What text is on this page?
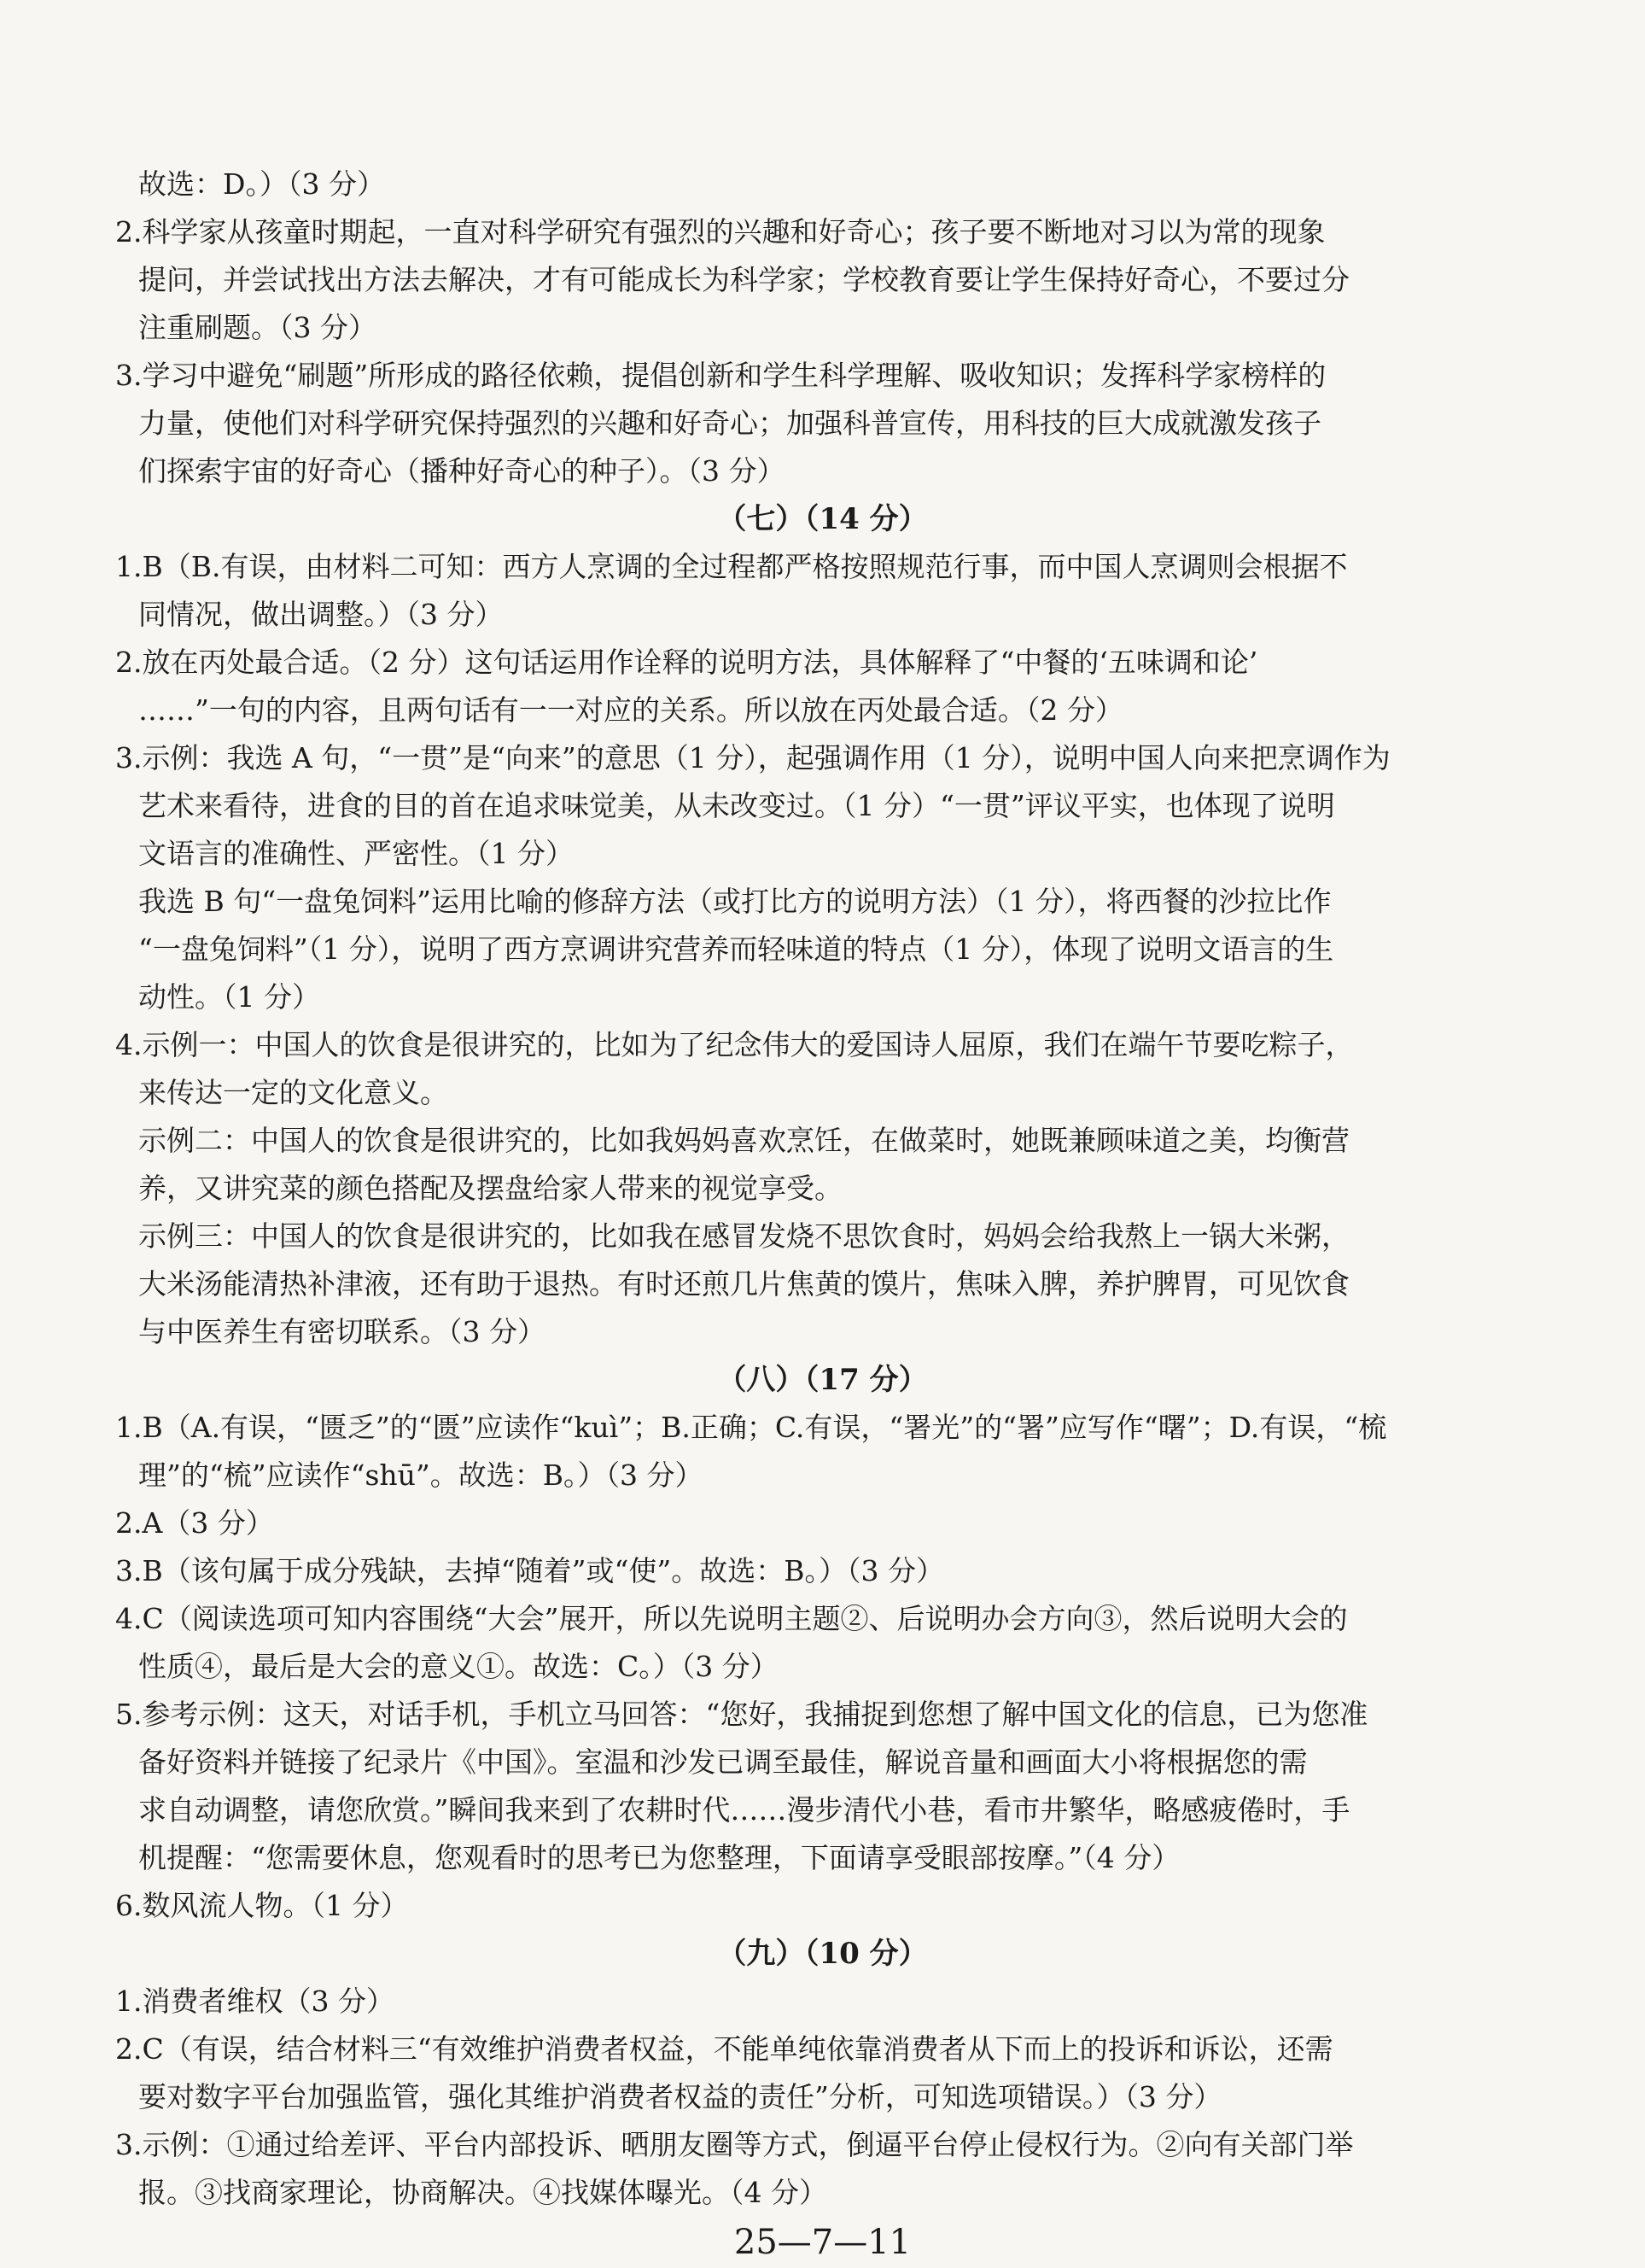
故选：D。）（3 分）
2.科学家从孩童时期起，一直对科学研究有强烈的兴趣和好奇心；孩子要不断地对习以为常的现象
提问，并尝试找出方法去解决，才有可能成长为科学家；学校教育要让学生保持好奇心，不要过分
注重刷题。（3 分）
3.学习中避免“刷题”所形成的路径依赖，提倡创新和学生科学理解、吸收知识；发挥科学家榜样的
力量，使他们对科学研究保持强烈的兴趣和好奇心；加强科普宣传，用科技的巨大成就激发孩子
们探索宇宙的好奇心（播种好奇心的种子）。（3 分）
（七）（14 分）
1.B（B.有误，由材料二可知：西方人烹调的全过程都严格按照规范行事，而中国人烹调则会根据不
同情况，做出调整。）（3 分）
2.放在丙处最合适。（2 分）这句话运用作诠释的说明方法，具体解释了“中餐的‘五味调和论’
……”一句的内容，且两句话有一一对应的关系。所以放在丙处最合适。（2 分）
3.示例：我选 A 句，“一贯”是“向来”的意思（1 分），起强调作用（1 分），说明中国人向来把烹调作为
艺术来看待，进食的目的首在追求味觉美，从未改变过。（1 分）“一贯”评议平实，也体现了说明
文语言的准确性、严密性。（1 分）
我选 B 句“一盘兔饲料”运用比喻的修辞方法（或打比方的说明方法）（1 分），将西餐的沙拉比作
“一盘兔饲料”（1 分），说明了西方烹调讲究营养而轻味道的特点（1 分），体现了说明文语言的生
动性。（1 分）
4.示例一：中国人的饮食是很讲究的，比如为了纪念伟大的爱国诗人屈原，我们在端午节要吃粽子，
来传达一定的文化意义。
示例二：中国人的饮食是很讲究的，比如我妈妈喜欢烹饪，在做菜时，她既兼顾味道之美，均衡营
养，又讲究菜的颜色搭配及摆盘给家人带来的视觉享受。
示例三：中国人的饮食是很讲究的，比如我在感冒发烧不思饮食时，妈妈会给我熬上一锅大米粥，
大米汤能清热补津液，还有助于退热。有时还煎几片焦黄的馍片，焦味入脾，养护脾胃，可见饮食
与中医养生有密切联系。（3 分）
（八）（17 分）
1.B（A.有误，“匮乏”的“匮”应读作“kuì”；B.正确；C.有误，“署光”的“署”应写作“曙”；D.有误，“梳
理”的“梳”应读作“shū”。故选：B。）（3 分）
2.A（3 分）
3.B（该句属于成分残缺，去掉“随着”或“使”。故选：B。）（3 分）
4.C（阅读选项可知内容围绕“大会”展开，所以先说明主题②、后说明办会方向③，然后说明大会的
性质④，最后是大会的意义①。故选：C。）（3 分）
5.参考示例：这天，对话手机，手机立马回答：“您好，我捕捉到您想了解中国文化的信息，已为您准
备好资料并链接了纪录片《中国》。室温和沙发已调至最佳，解说音量和画面大小将根据您的需
求自动调整，请您欣赏。”瞬间我来到了农耕时代……漫步清代小巷，看市井繁华，略感疲倦时，手
机提醒：“您需要休息，您观看时的思考已为您整理，下面请享受眼部按摩。”（4 分）
6.数风流人物。（1 分）
（九）（10 分）
1.消费者维权（3 分）
2.C（有误，结合材料三“有效维护消费者权益，不能单纯依靠消费者从下而上的投诉和诉讼，还需
要对数字平台加强监管，强化其维护消费者权益的责任”分析，可知选项错误。）（3 分）
3.示例：①通过给差评、平台内部投诉、晒朋友圈等方式，倒逼平台停止侵权行为。②向有关部门举
报。③找商家理论，协商解决。④找媒体曝光。（4 分）
25—7—11
